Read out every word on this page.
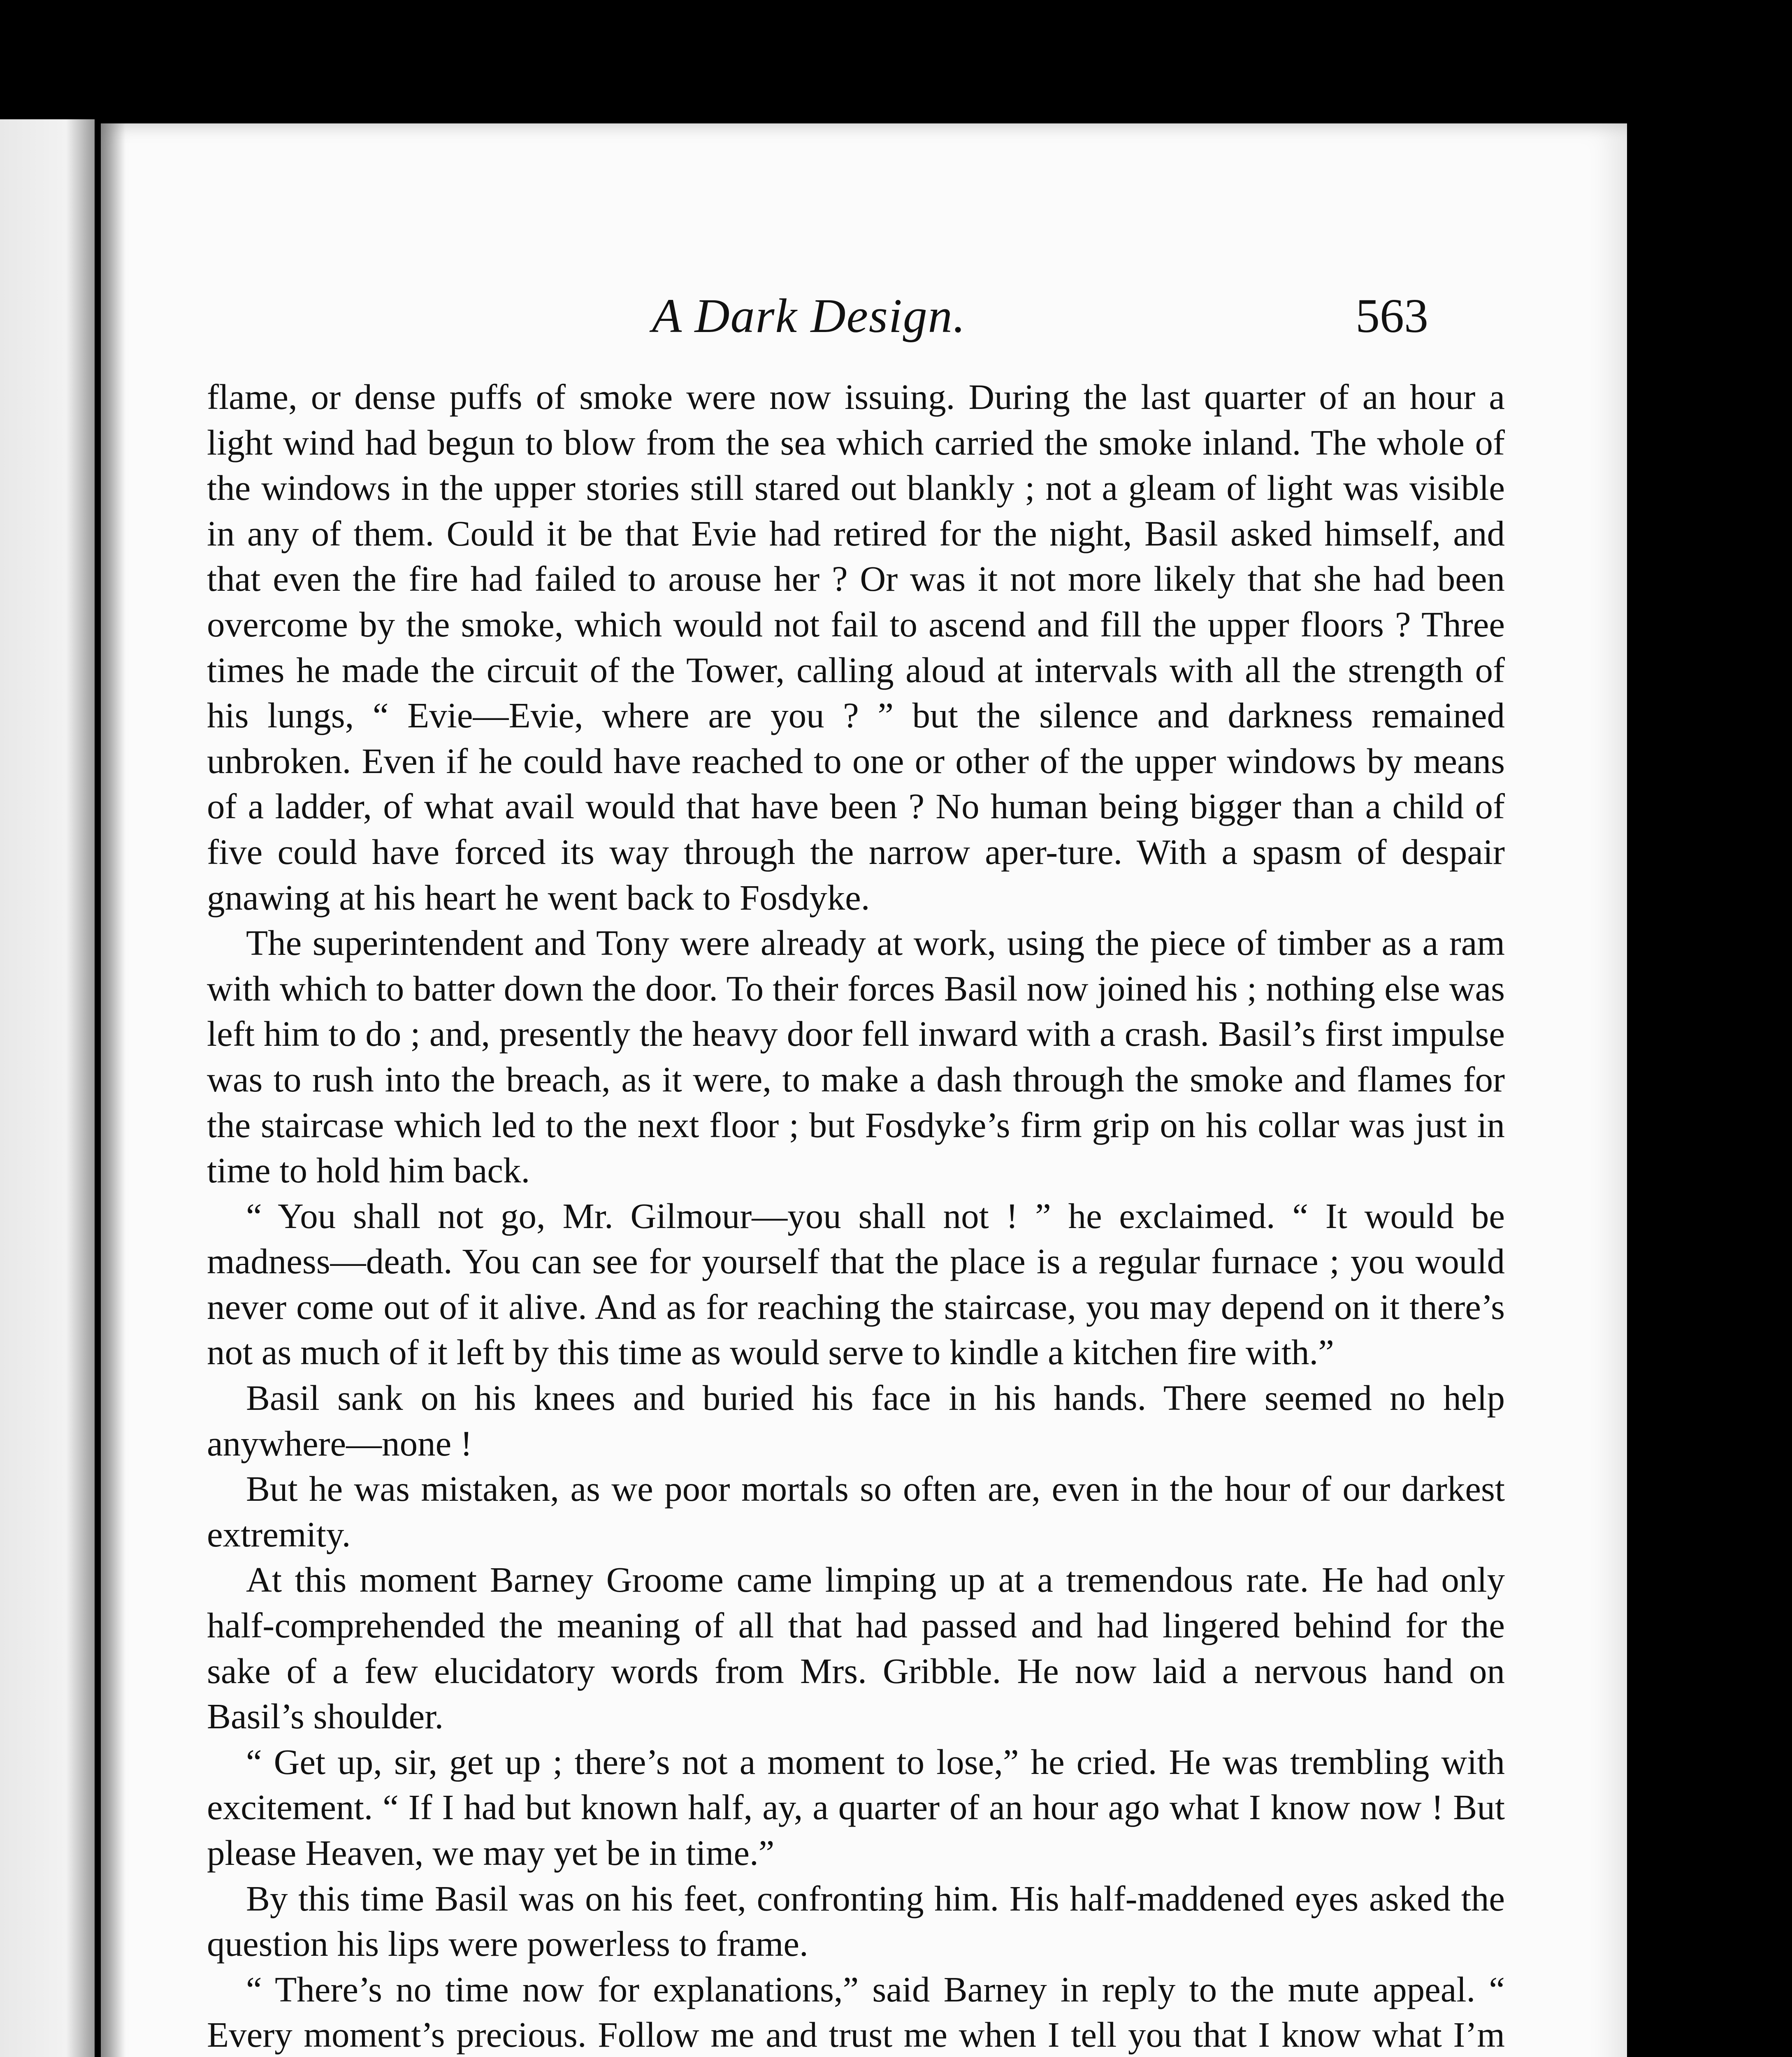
A Dark Design.	563

flame, or dense puffs of smoke were now issuing. During the last quarter of an hour a light wind had begun to blow from the sea which carried the smoke inland. The whole of the windows in the upper stories still stared out blankly ; not a gleam of light was visible in any of them. Could it be that Evie had retired for the night, Basil asked himself, and that even the fire had failed to arouse her ? Or was it not more likely that she had been overcome by the smoke, which would not fail to ascend and fill the upper floors ? Three times he made the circuit of the Tower, calling aloud at intervals with all the strength of his lungs, “ Evie—Evie, where are you ? ” but the silence and darkness remained unbroken. Even if he could have reached to one or other of the upper windows by means of a ladder, of what avail would that have been ? No human being bigger than a child of five could have forced its way through the narrow aper-ture. With a spasm of despair gnawing at his heart he went back to Fosdyke.

The superintendent and Tony were already at work, using the piece of timber as a ram with which to batter down the door. To their forces Basil now joined his ; nothing else was left him to do ; and, presently the heavy door fell inward with a crash. Basil’s first impulse was to rush into the breach, as it were, to make a dash through the smoke and flames for the staircase which led to the next floor ; but Fosdyke’s firm grip on his collar was just in time to hold him back.

“ You shall not go, Mr. Gilmour—you shall not ! ” he exclaimed. “ It would be madness—death. You can see for yourself that the place is a regular furnace ; you would never come out of it alive. And as for reaching the staircase, you may depend on it there’s not as much of it left by this time as would serve to kindle a kitchen fire with.”

Basil sank on his knees and buried his face in his hands. There seemed no help anywhere—none !

But he was mistaken, as we poor mortals so often are, even in the hour of our darkest extremity.

At this moment Barney Groome came limping up at a tremendous rate. He had only half-comprehended the meaning of all that had passed and had lingered behind for the sake of a few elucidatory words from Mrs. Gribble. He now laid a nervous hand on Basil’s shoulder.

“ Get up, sir, get up ; there’s not a moment to lose,” he cried. He was trembling with excitement. “ If I had but known half, ay, a quarter of an hour ago what I know now ! But please Heaven, we may yet be in time.”

By this time Basil was on his feet, confronting him. His half-maddened eyes asked the question his lips were powerless to frame.

“ There’s no time now for explanations,” said Barney in reply to the mute appeal. “ Every moment’s precious. Follow me and trust me when I tell you that I know what I’m
